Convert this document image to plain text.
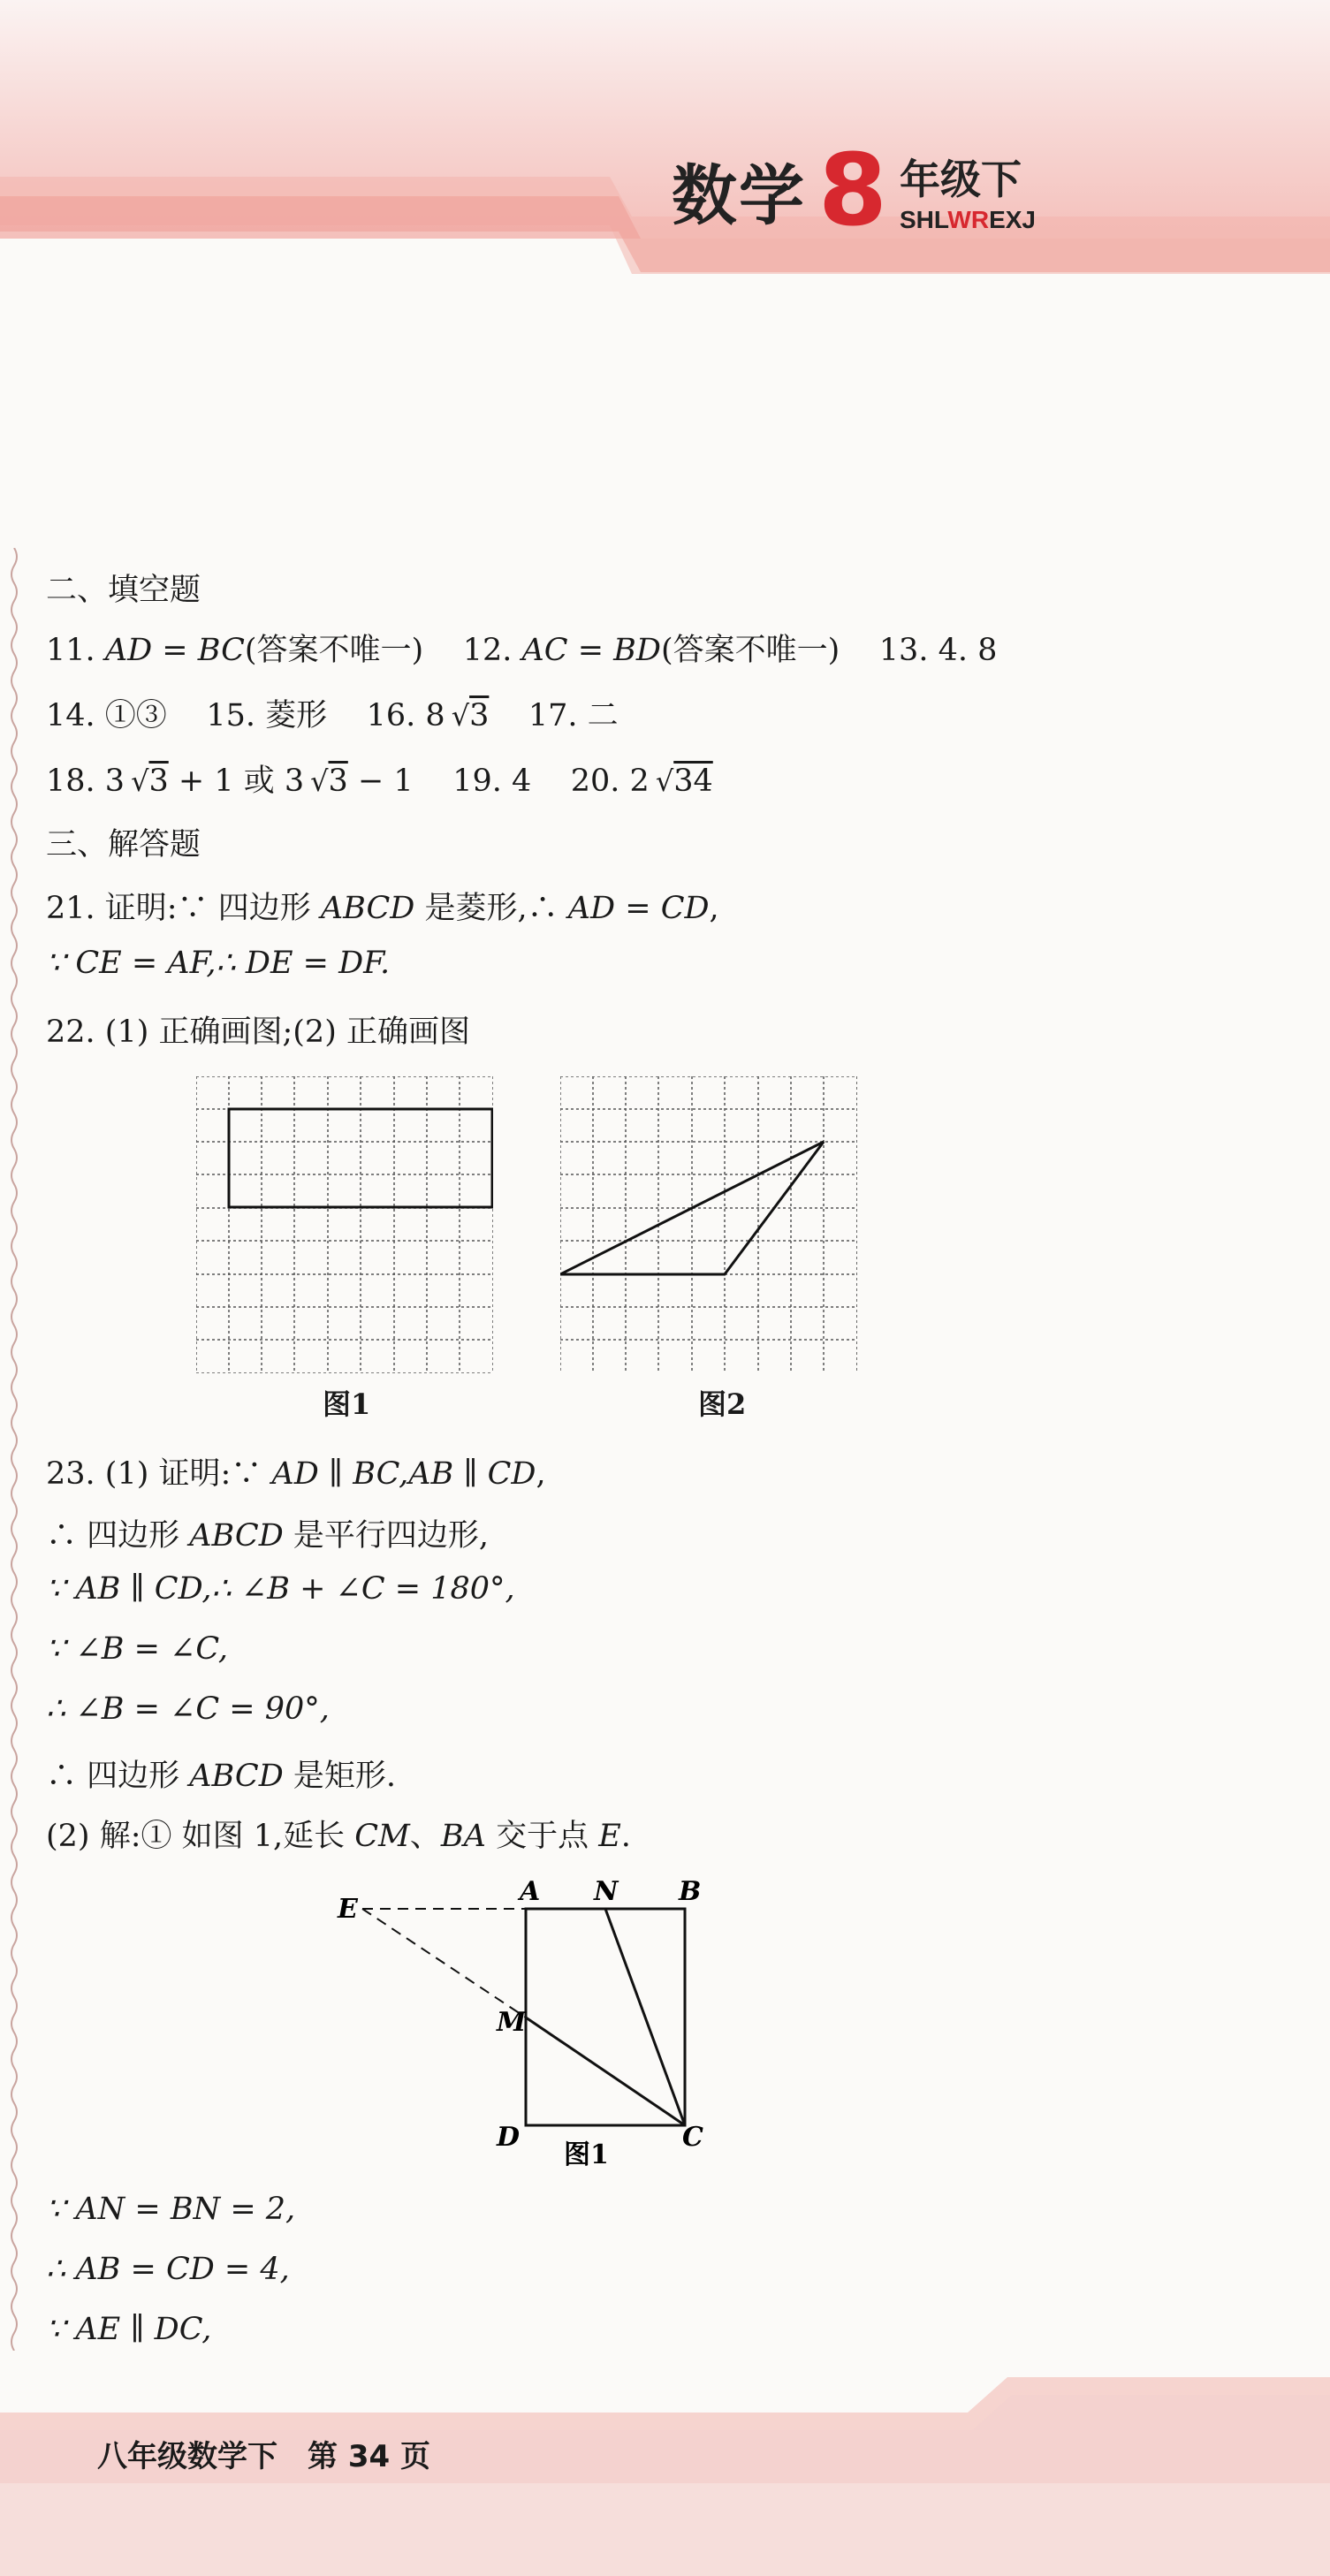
数学 8 年级下
SHLWREXJ
二、填空题
11. AD = BC(答案不唯一) 12. AC = BD(答案不唯一) 13. 4. 8
14. ①③ 15. 菱形 16. 8  √3 17. 二
18. 3  √3 + 1 或 3  √3 − 1 19. 4 20. 2  √34
三、解答题
21. 证明:∵ 四边形 ABCD 是菱形,∴ AD = CD,
∵ CE = AF,∴ DE = DF.
22. (1) 正确画图;(2) 正确画图
图1	图2
23. (1) 证明:∵ AD ∥ BC,AB ∥ CD,
∴ 四边形 ABCD 是平行四边形,
∵ AB ∥ CD,∴ ∠B + ∠C = 180°,
∵ ∠B = ∠C,
∴ ∠B = ∠C = 90°,
∴ 四边形 ABCD 是矩形.
(2) 解:① 如图 1,延长 CM、BA 交于点 E.
E
A N B
M
D	C
图1
∵ AN = BN = 2,
∴ AB = CD = 4,
∵ AE ∥ DC,
八年级数学下　第 34 页
